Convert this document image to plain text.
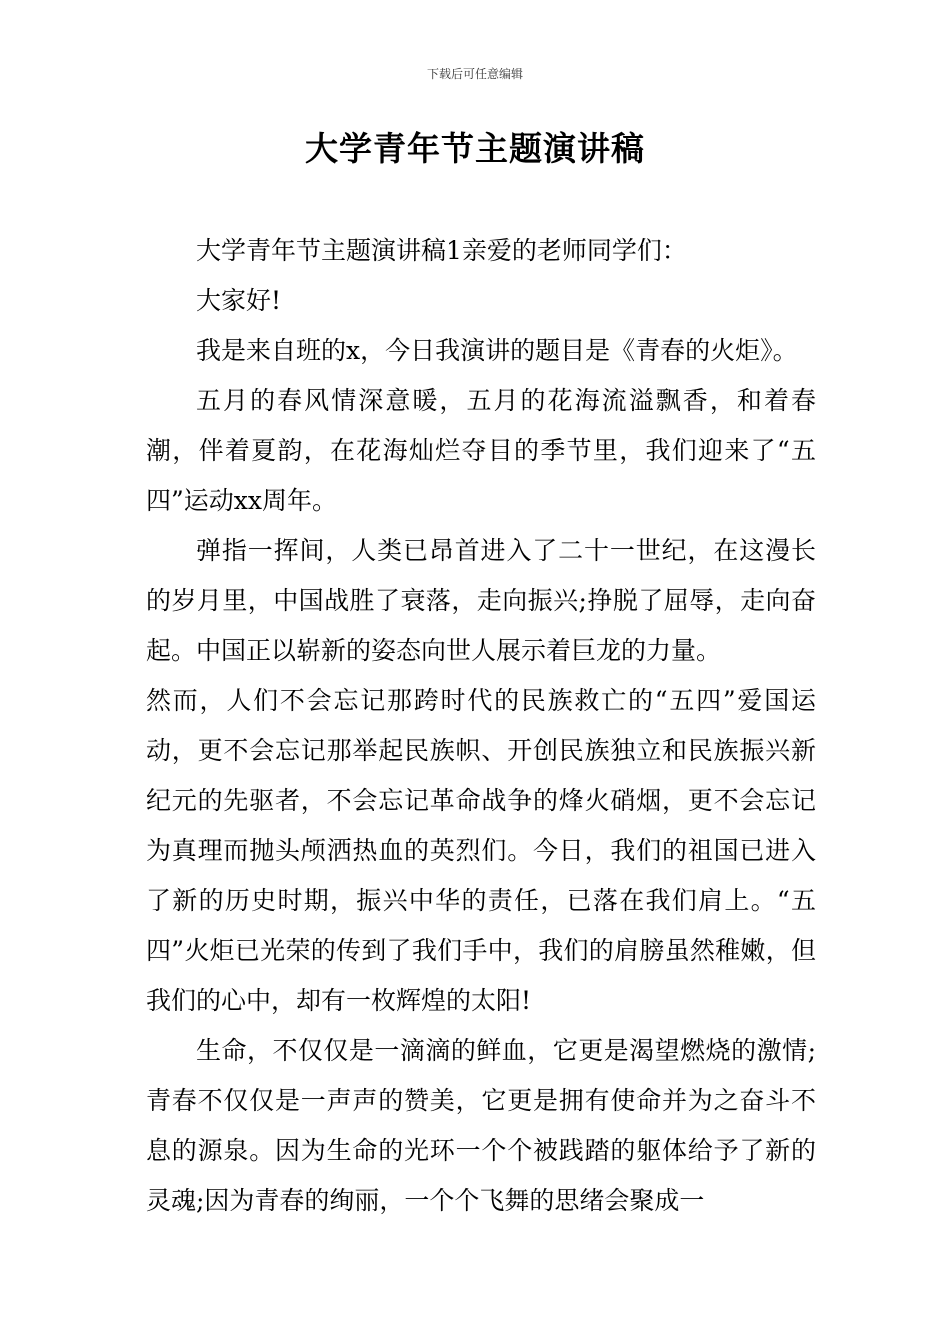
下载后可任意编辑
大学青年节主题演讲稿

大学青年节主题演讲稿1亲爱的老师同学们：

大家好!

我是来自班的x，今日我演讲的题目是《青春的火炬》。

五月的春风情深意暖，五月的花海流溢飘香，和着春潮，伴着夏韵，在花海灿烂夺目的季节里，我们迎来了“五四”运动xx周年。

弹指一挥间，人类已昂首进入了二十一世纪，在这漫长的岁月里，中国战胜了衰落，走向振兴;挣脱了屈辱，走向奋起。中国正以崭新的姿态向世人展示着巨龙的力量。

然而，人们不会忘记那跨时代的民族救亡的“五四”爱国运动，更不会忘记那举起民族帜、开创民族独立和民族振兴新纪元的先驱者，不会忘记革命战争的烽火硝烟，更不会忘记为真理而抛头颅洒热血的英烈们。今日，我们的祖国已进入了新的历史时期，振兴中华的责任，已落在我们肩上。“五四”火炬已光荣的传到了我们手中，我们的肩膀虽然稚嫩，但我们的心中，却有一枚辉煌的太阳!

生命，不仅仅是一滴滴的鲜血，它更是渴望燃烧的激情;青春不仅仅是一声声的赞美，它更是拥有使命并为之奋斗不息的源泉。因为生命的光环一个个被践踏的躯体给予了新的灵魂;因为青春的绚丽，一个个飞舞的思绪会聚成一
